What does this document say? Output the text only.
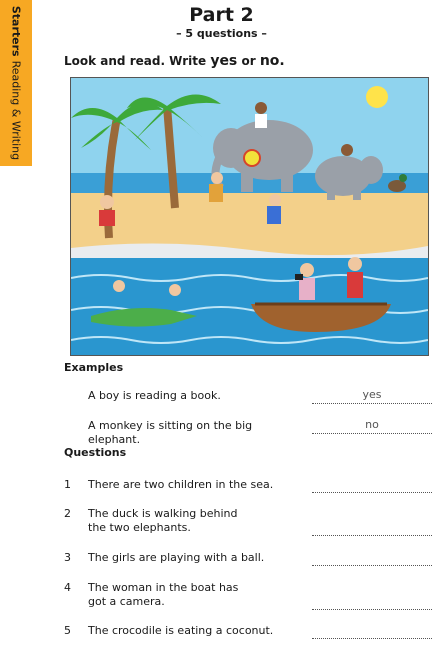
StartersReading & Writing
Part 2
– 5 questions –
Look and read. Write yes or no.
Examples
A boy is reading a book.	yes
A monkey is sitting on the big elephant.
no
Questions
1 There are two children in the sea.
2 The duck is walking behind the two elephants.
3 The girls are playing with a ball.
4 The woman in the boat has got a camera.
5 The crocodile is eating a coconut.
